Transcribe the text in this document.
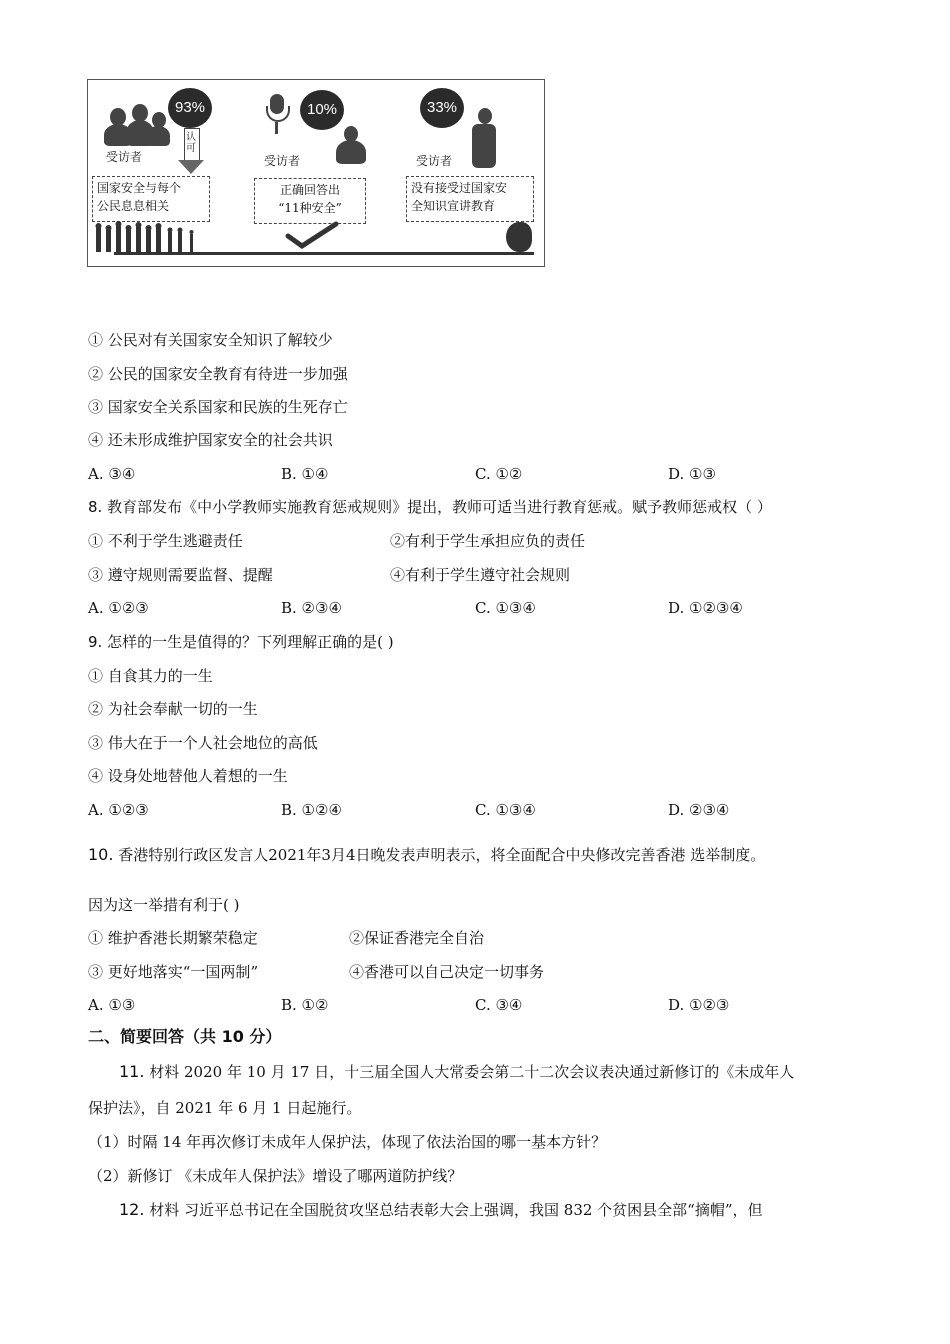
93%
受访者
认可
国家安全与每个
公民息息相关
10%
受访者
正确回答出
“11种安全”
33%
受访者
没有接受过国家安
全知识宣讲教育
① 公民对有关国家安全知识了解较少
② 公民的国家安全教育有待进一步加强
③ 国家安全关系国家和民族的生死存亡
④ 还未形成维护国家安全的社会共识
A. ③④	B. ①④	C. ①②	D. ①③
8. 教育部发布《中小学教师实施教育惩戒规则》提出，教师可适当进行教育惩戒。赋予教师惩戒权（ ）
① 不利于学生逃避责任	②有利于学生承担应负的责任
③ 遵守规则需要监督、提醒	④有利于学生遵守社会规则
A. ①②③	B. ②③④	C. ①③④	D. ①②③④
9. 怎样的一生是值得的？下列理解正确的是( )
① 自食其力的一生
② 为社会奉献一切的一生
③ 伟大在于一个人社会地位的高低
④ 设身处地替他人着想的一生
A. ①②③	B. ①②④	C. ①③④	D. ②③④
10. 香港特别行政区发言人2021年3月4日晚发表声明表示，将全面配合中央修改完善香港 选举制度。
因为这一举措有利于( )
① 维护香港长期繁荣稳定	②保证香港完全自治
③ 更好地落实“一国两制”	④香港可以自己决定一切事务
A. ①③	B. ①②	C. ③④	D. ①②③
二、简要回答（共 10 分）
11. 材料 2020 年 10 月 17 日，十三届全国人大常委会第二十二次会议表决通过新修订的《未成年人
保护法》，自 2021 年 6 月 1 日起施行。
（1）时隔 14 年再次修订未成年人保护法，体现了依法治国的哪一基本方针？
（2）新修订 《未成年人保护法》增设了哪两道防护线？
12. 材料 习近平总书记在全国脱贫攻坚总结表彰大会上强调，我国 832 个贫困县全部“摘帽”，但
